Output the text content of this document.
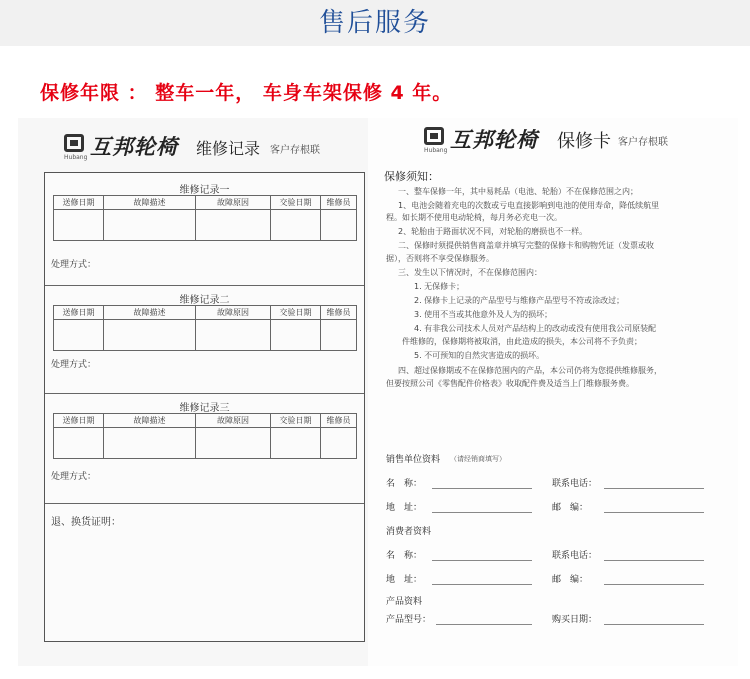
售后服务
保修年限 ： 整车一年， 车身车架保修 4 年。
互邦轮椅
Hubang	维修记录 客户存根联
维修记录一
送修日期	故障描述	故障原因	交验日期	维修员

处理方式：
维修记录二
送修日期	故障描述	故障原因	交验日期	维修员

处理方式：
维修记录三
送修日期	故障描述	故障原因	交验日期	维修员

处理方式：
退、换货证明：
互邦轮椅
Hubang	保修卡 客户存根联
保修须知：
一、整车保修一年，其中易耗品（电池、轮胎）不在保修范围之内；
1、电池会随着充电的次数或亏电直接影响到电池的使用寿命，降低续航里
程。如长期不使用电动轮椅，每月务必充电一次。
2、轮胎由于路面状况不同，对轮胎的磨损也不一样。
二、保修时须提供销售商盖章并填写完整的保修卡和购物凭证（发票或收
据），否则将不享受保修服务。
三、发生以下情况时，不在保修范围内：
1. 无保修卡；
2. 保修卡上记录的产品型号与维修产品型号不符或涂改过；
3. 使用不当或其他意外及人为的损坏；
4. 有非我公司技术人员对产品结构上的改动或没有使用我公司原装配
件维修的，保修期将被取消，由此造成的损失，本公司将不予负责；
5. 不可预知的自然灾害造成的损坏。
四、超过保修期或不在保修范围内的产品，本公司仍将为您提供维修服务，
但要按照公司《零售配件价格表》收取配件费及适当上门维修服务费。
销售单位资料 （请经销商填写）
名　称：	联系电话：
地　址：	邮　编：
消费者资料
名　称：	联系电话：
地　址：	邮　编：
产品资料
产品型号：	购买日期：
